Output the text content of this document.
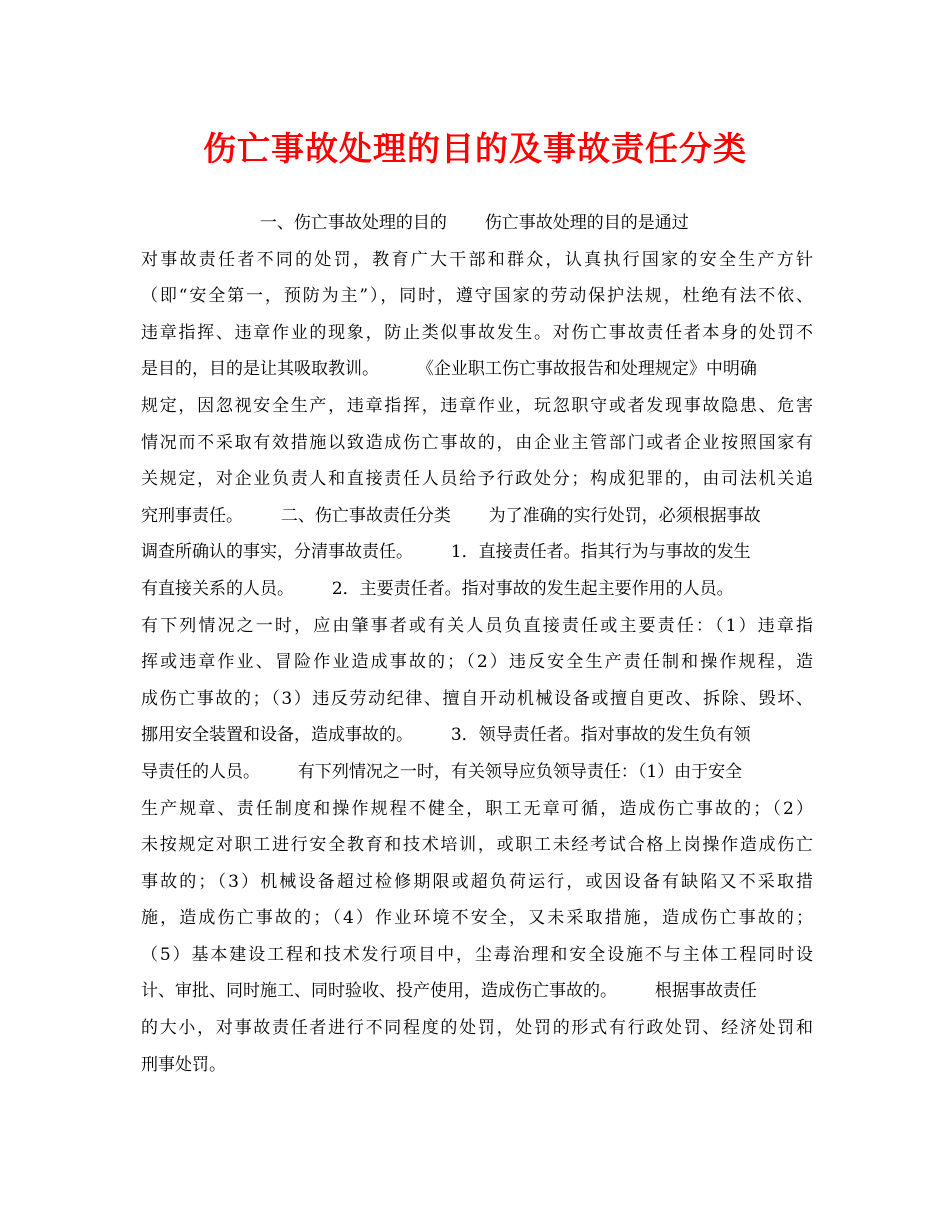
伤亡事故处理的目的及事故责任分类
一、伤亡事故处理的目的       伤亡事故处理的目的是通过
对事故责任者不同的处罚，教育广大干部和群众，认真执行国家的安全生产方针
（即“安全第一，预防为主”），同时，遵守国家的劳动保护法规，杜绝有法不依、
违章指挥、违章作业的现象，防止类似事故发生。对伤亡事故责任者本身的处罚不
是目的，目的是让其吸取教训。       《企业职工伤亡事故报告和处理规定》中明确
规定，因忽视安全生产，违章指挥，违章作业，玩忽职守或者发现事故隐患、危害
情况而不采取有效措施以致造成伤亡事故的，由企业主管部门或者企业按照国家有
关规定，对企业负责人和直接责任人员给予行政处分；构成犯罪的，由司法机关追
究刑事责任。       二、伤亡事故责任分类       为了准确的实行处罚，必须根据事故
调查所确认的事实，分清事故责任。       1．直接责任者。指其行为与事故的发生
有直接关系的人员。       2．主要责任者。指对事故的发生起主要作用的人员。
有下列情况之一时，应由肇事者或有关人员负直接责任或主要责任：（1）违章指
挥或违章作业、冒险作业造成事故的；（2）违反安全生产责任制和操作规程，造
成伤亡事故的；（3）违反劳动纪律、擅自开动机械设备或擅自更改、拆除、毁坏、
挪用安全装置和设备，造成事故的。       3．领导责任者。指对事故的发生负有领
导责任的人员。       有下列情况之一时，有关领导应负领导责任：（1）由于安全
生产规章、责任制度和操作规程不健全，职工无章可循，造成伤亡事故的；（2）
未按规定对职工进行安全教育和技术培训，或职工未经考试合格上岗操作造成伤亡
事故的；（3）机械设备超过检修期限或超负荷运行，或因设备有缺陷又不采取措
施，造成伤亡事故的；（4）作业环境不安全，又未采取措施，造成伤亡事故的；
（5）基本建设工程和技术发行项目中，尘毒治理和安全设施不与主体工程同时设
计、审批、同时施工、同时验收、投产使用，造成伤亡事故的。       根据事故责任
的大小，对事故责任者进行不同程度的处罚，处罚的形式有行政处罚、经济处罚和
刑事处罚。
